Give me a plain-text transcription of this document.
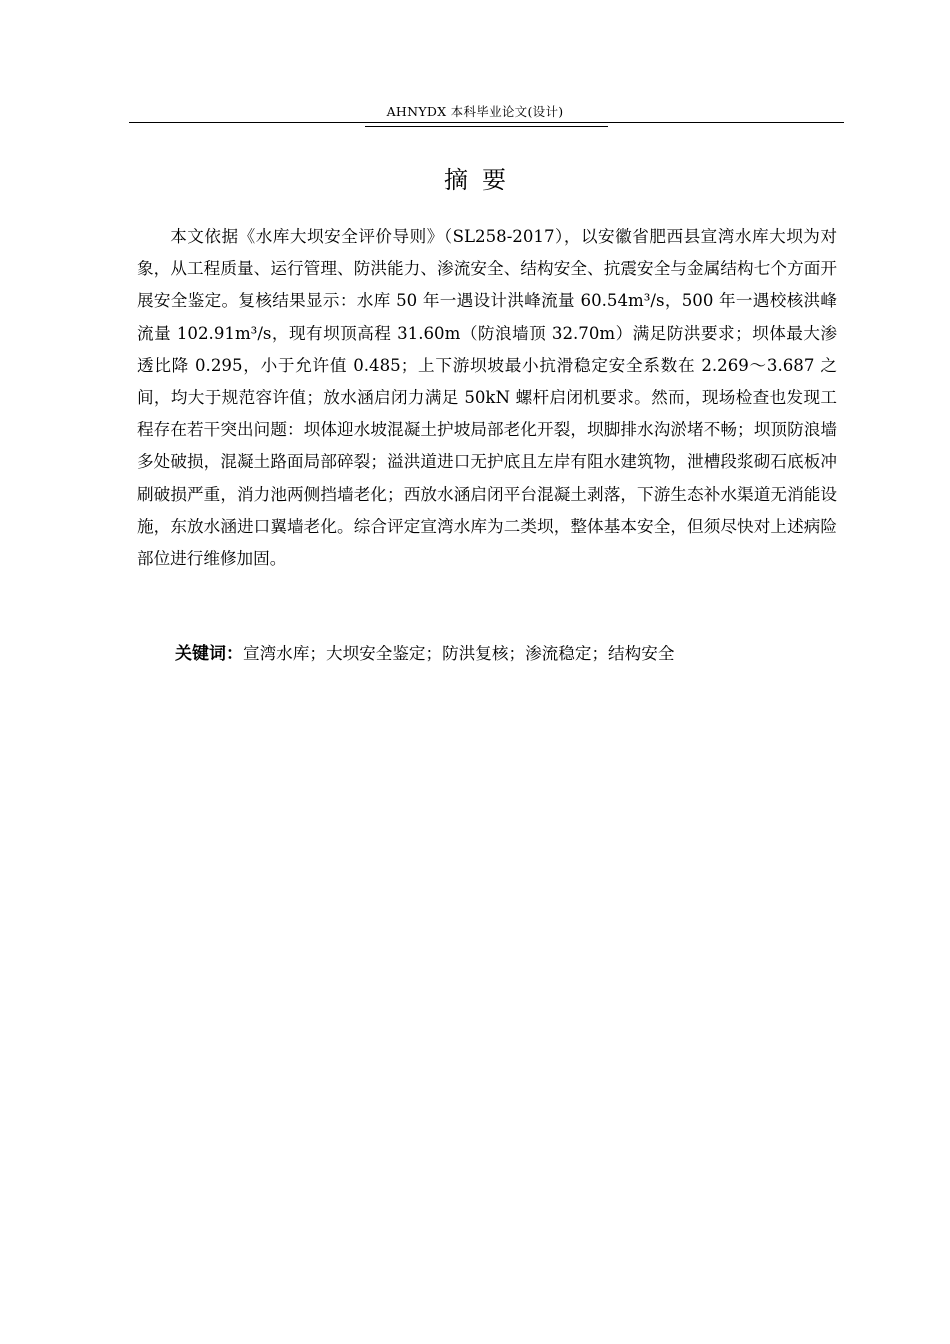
AHNYDX 本科毕业论文(设计)
摘要

本文依据《水库大坝安全评价导则》（SL258-2017），以安徽省肥西县宣湾水库大坝为对象，从工程质量、运行管理、防洪能力、渗流安全、结构安全、抗震安全与金属结构七个方面开展安全鉴定。复核结果显示：水库 50 年一遇设计洪峰流量 60.54m³/s，500 年一遇校核洪峰流量 102.91m³/s，现有坝顶高程 31.60m（防浪墙顶 32.70m）满足防洪要求；坝体最大渗透比降 0.295，小于允许值 0.485；上下游坝坡最小抗滑稳定安全系数在 2.269～3.687 之间，均大于规范容许值；放水涵启闭力满足 50kN 螺杆启闭机要求。然而，现场检查也发现工程存在若干突出问题：坝体迎水坡混凝土护坡局部老化开裂，坝脚排水沟淤堵不畅；坝顶防浪墙多处破损，混凝土路面局部碎裂；溢洪道进口无护底且左岸有阻水建筑物，泄槽段浆砌石底板冲刷破损严重，消力池两侧挡墙老化；西放水涵启闭平台混凝土剥落，下游生态补水渠道无消能设施，东放水涵进口翼墙老化。综合评定宣湾水库为二类坝，整体基本安全，但须尽快对上述病险部位进行维修加固。

关键词：宣湾水库；大坝安全鉴定；防洪复核；渗流稳定；结构安全
